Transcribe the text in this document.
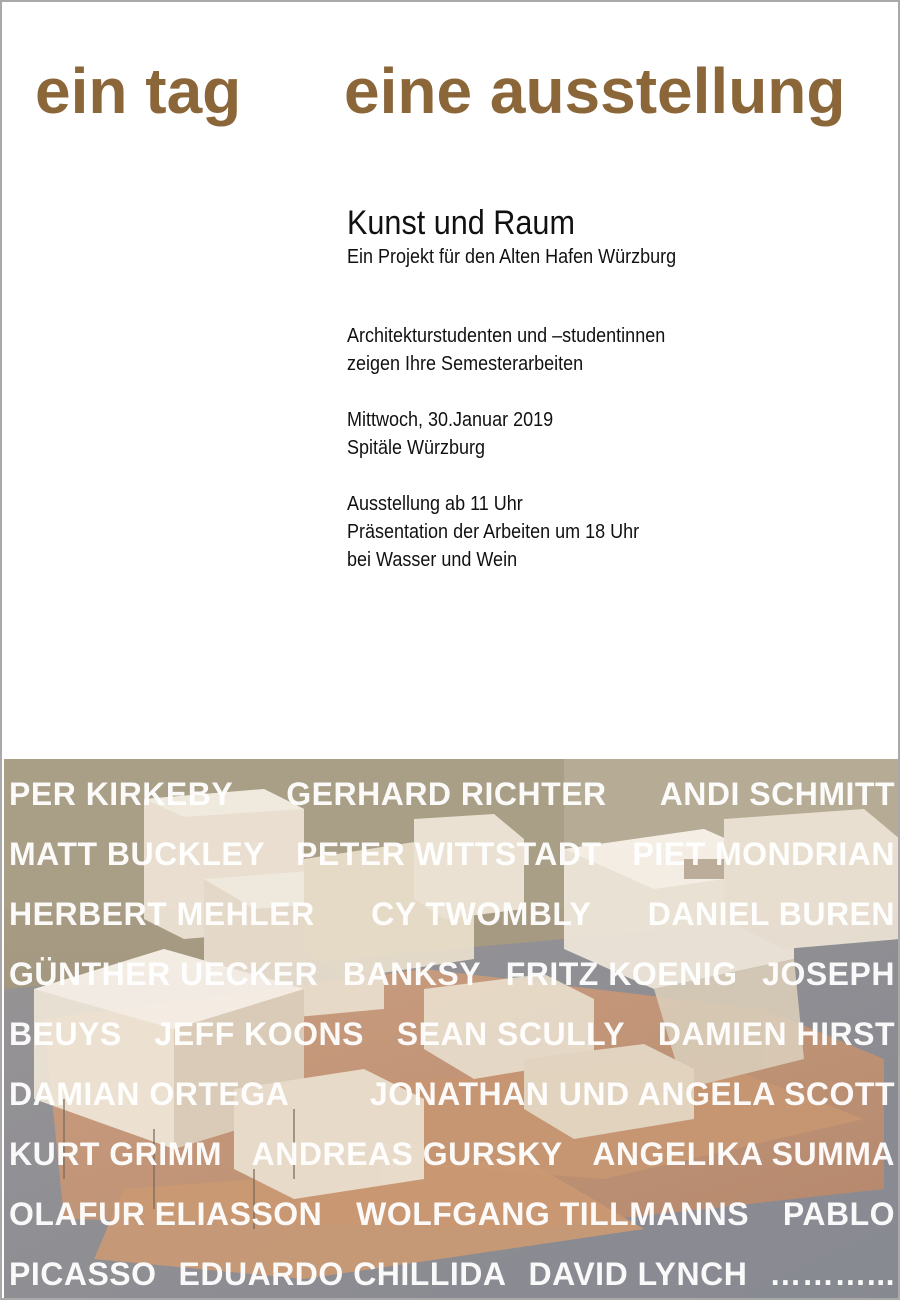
ein tag eine ausstellung
Kunst und Raum
Ein Projekt für den Alten Hafen Würzburg
Architekturstudenten und –studentinnen
zeigen Ihre Semesterarbeiten
Mittwoch, 30.Januar 2019
Spitäle Würzburg
Ausstellung ab 11 Uhr
Präsentation der Arbeiten um 18 Uhr
bei Wasser und Wein
PER KIRKEBY GERHARD RICHTER ANDI SCHMITT
MATT BUCKLEY PETER WITTSTADT PIET MONDRIAN
HERBERT MEHLER CY TWOMBLY DANIEL BUREN
GÜNTHER UECKER BANKSY FRITZ KOENIG JOSEPH
BEUYS JEFF KOONS SEAN SCULLY DAMIEN HIRST
DAMIAN ORTEGA	JONATHAN UND ANGELA SCOTT
KURT GRIMM ANDREAS GURSKY ANGELIKA SUMMA
OLAFUR ELIASSON WOLFGANG TILLMANNS PABLO
PICASSO EDUARDO CHILLIDA DAVID LYNCH ………...
